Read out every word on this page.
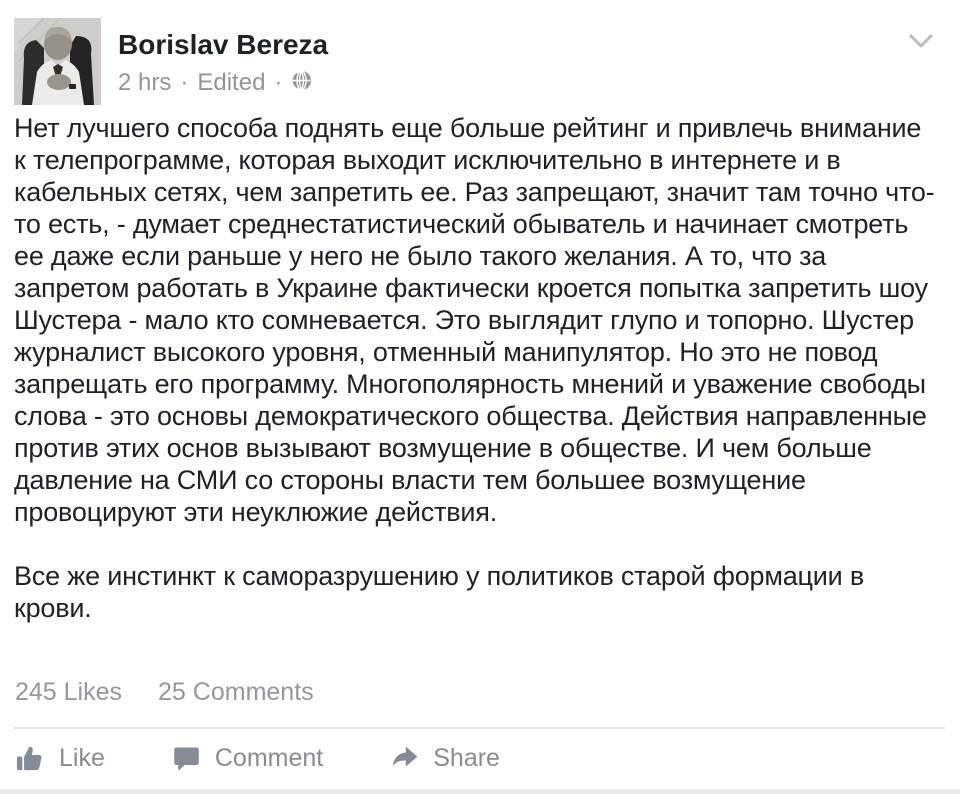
Borislav Bereza
2 hrs · Edited ·

Нет лучшего способа поднять еще больше рейтинг и привлечь внимание к телепрограмме, которая выходит исключительно в интернете и в кабельных сетях, чем запретить ее. Раз запрещают, значит там точно что-то есть, - думает среднестатистический обыватель и начинает смотреть ее даже если раньше у него не было такого желания. А то, что за запретом работать в Украине фактически кроется попытка запретить шоу Шустера - мало кто сомневается. Это выглядит глупо и топорно. Шустер журналист высокого уровня, отменный манипулятор. Но это не повод запрещать его программу. Многополярность мнений и уважение свободы слова - это основы демократического общества. Действия направленные против этих основ вызывают возмущение в обществе. И чем больше давление на СМИ со стороны власти тем большее возмущение провоцируют эти неуклюжие действия.

Все же инстинкт к саморазрушению у политиков старой формации в крови.

245 Likes 25 Comments
Like	Comment	Share
